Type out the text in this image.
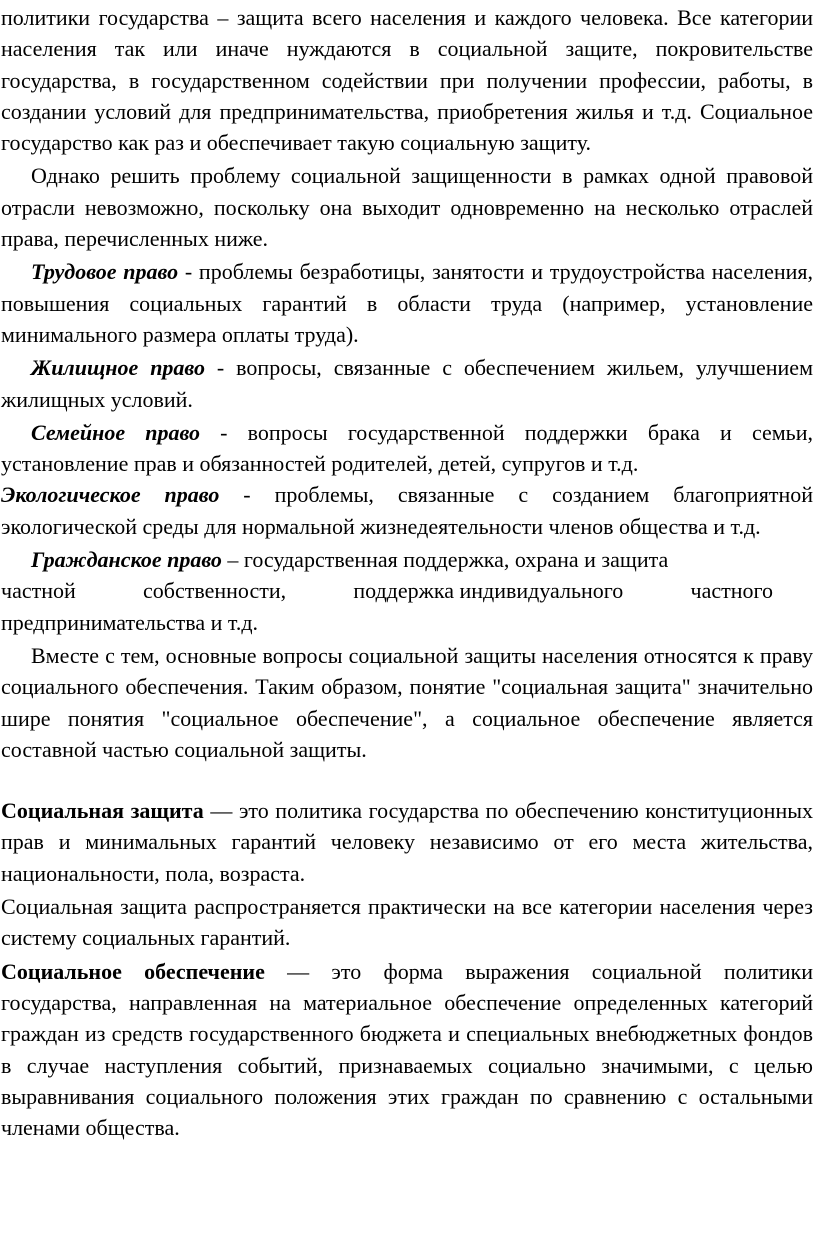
политики государства – защита всего населения и каждого человека. Все категории населения так или иначе нуждаются в социальной защите, покровительстве государства, в государственном содействии при получении профессии, работы, в создании условий для предпринимательства, приобретения жилья и т.д. Социальное государство как раз и обеспечивает такую социальную защиту.

Однако решить проблему социальной защищенности в рамках одной правовой отрасли невозможно, поскольку она выходит одновременно на несколько отраслей права, перечисленных ниже.

Трудовое право - проблемы безработицы, занятости и трудоустройства населения, повышения социальных гарантий в области труда (например, установление минимального размера оплаты труда).

Жилищное право - вопросы, связанные с обеспечением жильем, улучшением жилищных условий.

Семейное право - вопросы государственной поддержки брака и семьи, установление прав и обязанностей родителей, детей, супругов и т.д.

Экологическое право - проблемы, связанные с созданием благоприятной экологической среды для нормальной жизнедеятельности членов общества и т.д.

Гражданское право – государственная поддержка, охрана и защита
частной	собственности,	поддержка индивидуального	частного
предпринимательства и т.д.

Вместе с тем, основные вопросы социальной защиты населения относятся к праву социального обеспечения. Таким образом, понятие "социальная защита" значительно шире понятия "социальное обеспечение", а социальное обеспечение является составной частью социальной защиты.

Социальная защита — это политика государства по обеспечению конституционных прав и минимальных гарантий человеку независимо от его места жительства, национальности, пола, возраста.

Социальная защита распространяется практически на все категории населения через систему социальных гарантий.

Социальное обеспечение — это форма выражения социальной политики государства, направленная на материальное обеспечение определенных категорий граждан из средств государственного бюджета и специальных внебюджетных фондов в случае наступления событий, признаваемых социально значимыми, с целью выравнивания социального положения этих граждан по сравнению с остальными членами общества.
